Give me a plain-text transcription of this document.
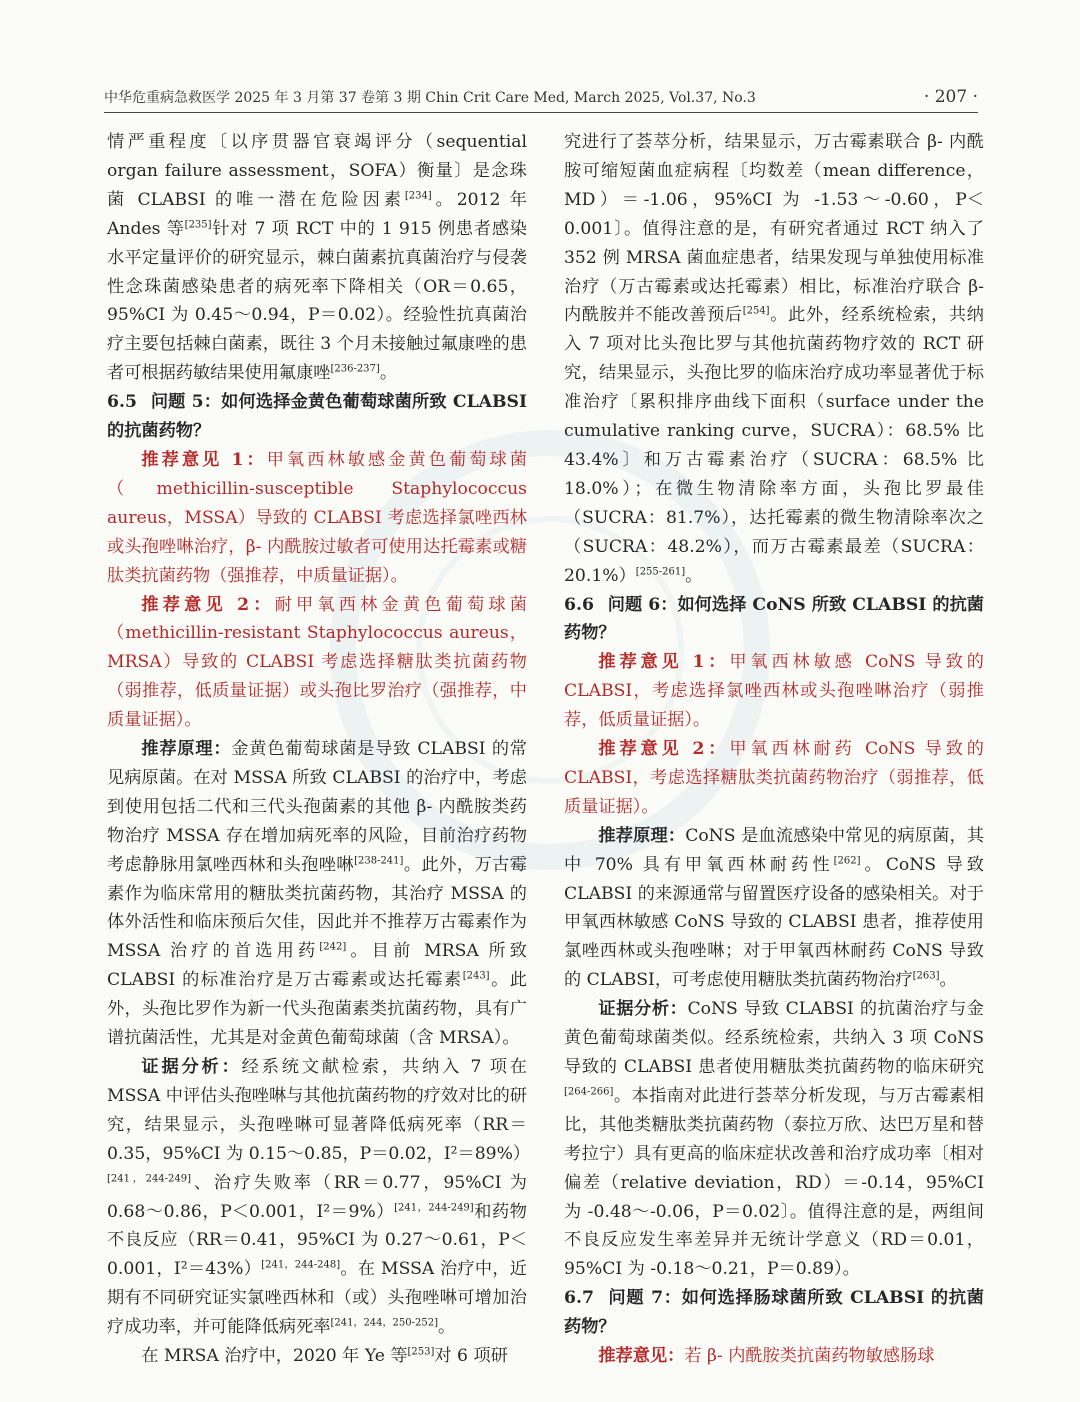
中华危重病急救医学 2025 年 3 月第 37 卷第 3 期 Chin Crit Care Med, March 2025, Vol.37, No.3	· 207 ·

情严重程度〔以序贯器官衰竭评分（sequential organ failure assessment，SOFA）衡量〕是念珠菌 CLABSI 的唯一潜在危险因素[234]。2012 年 Andes 等[235]针对 7 项 RCT 中的 1 915 例患者感染水平定量评价的研究显示，棘白菌素抗真菌治疗与侵袭性念珠菌感染患者的病死率下降相关（OR＝0.65，95%CI 为 0.45～0.94，P＝0.02）。经验性抗真菌治疗主要包括棘白菌素，既往 3 个月未接触过氟康唑的患者可根据药敏结果使用氟康唑[236-237]。

6.5 问题 5：如何选择金黄色葡萄球菌所致 CLABSI 的抗菌药物？

推荐意见 1：甲氧西林敏感金黄色葡萄球菌（methicillin-susceptible Staphylococcus aureus，MSSA）导致的 CLABSI 考虑选择氯唑西林或头孢唑啉治疗，β- 内酰胺过敏者可使用达托霉素或糖肽类抗菌药物（强推荐，中质量证据）。

推荐意见 2：耐甲氧西林金黄色葡萄球菌（methicillin-resistant Staphylococcus aureus，MRSA）导致的 CLABSI 考虑选择糖肽类抗菌药物（弱推荐，低质量证据）或头孢比罗治疗（强推荐，中质量证据）。

推荐原理：金黄色葡萄球菌是导致 CLABSI 的常见病原菌。在对 MSSA 所致 CLABSI 的治疗中，考虑到使用包括二代和三代头孢菌素的其他 β- 内酰胺类药物治疗 MSSA 存在增加病死率的风险，目前治疗药物考虑静脉用氯唑西林和头孢唑啉[238-241]。此外，万古霉素作为临床常用的糖肽类抗菌药物，其治疗 MSSA 的体外活性和临床预后欠佳，因此并不推荐万古霉素作为 MSSA 治疗的首选用药[242]。目前 MRSA 所致 CLABSI 的标准治疗是万古霉素或达托霉素[243]。此外，头孢比罗作为新一代头孢菌素类抗菌药物，具有广谱抗菌活性，尤其是对金黄色葡萄球菌（含 MRSA）。

证据分析：经系统文献检索，共纳入 7 项在 MSSA 中评估头孢唑啉与其他抗菌药物的疗效对比的研究，结果显示，头孢唑啉可显著降低病死率（RR＝0.35，95%CI 为 0.15～0.85，P＝0.02，I²＝89%）[241，244-249]、治疗失败率（RR＝0.77，95%CI 为 0.68～0.86，P＜0.001，I²＝9%）[241，244-249]和药物不良反应（RR＝0.41，95%CI 为 0.27～0.61，P＜0.001，I²＝43%）[241，244-248]。在 MSSA 治疗中，近期有不同研究证实氯唑西林和（或）头孢唑啉可增加治疗成功率，并可能降低病死率[241，244，250-252]。

在 MRSA 治疗中，2020 年 Ye 等[253]对 6 项研

究进行了荟萃分析，结果显示，万古霉素联合 β- 内酰胺可缩短菌血症病程〔均数差（mean difference，MD）＝-1.06，95%CI 为 -1.53～-0.60，P＜0.001〕。值得注意的是，有研究者通过 RCT 纳入了 352 例 MRSA 菌血症患者，结果发现与单独使用标准治疗（万古霉素或达托霉素）相比，标准治疗联合 β- 内酰胺并不能改善预后[254]。此外，经系统检索，共纳入 7 项对比头孢比罗与其他抗菌药物疗效的 RCT 研究，结果显示，头孢比罗的临床治疗成功率显著优于标准治疗〔累积排序曲线下面积（surface under the cumulative ranking curve，SUCRA）：68.5% 比 43.4%〕和万古霉素治疗（SUCRA：68.5% 比 18.0%）；在微生物清除率方面，头孢比罗最佳（SUCRA：81.7%），达托霉素的微生物清除率次之（SUCRA：48.2%），而万古霉素最差（SUCRA：20.1%）[255-261]。

6.6 问题 6：如何选择 CoNS 所致 CLABSI 的抗菌药物？

推荐意见 1：甲氧西林敏感 CoNS 导致的 CLABSI，考虑选择氯唑西林或头孢唑啉治疗（弱推荐，低质量证据）。

推荐意见 2：甲氧西林耐药 CoNS 导致的 CLABSI，考虑选择糖肽类抗菌药物治疗（弱推荐，低质量证据）。

推荐原理：CoNS 是血流感染中常见的病原菌，其中 70% 具有甲氧西林耐药性[262]。CoNS 导致 CLABSI 的来源通常与留置医疗设备的感染相关。对于甲氧西林敏感 CoNS 导致的 CLABSI 患者，推荐使用氯唑西林或头孢唑啉；对于甲氧西林耐药 CoNS 导致的 CLABSI，可考虑使用糖肽类抗菌药物治疗[263]。

证据分析：CoNS 导致 CLABSI 的抗菌治疗与金黄色葡萄球菌类似。经系统检索，共纳入 3 项 CoNS 导致的 CLABSI 患者使用糖肽类抗菌药物的临床研究[264-266]。本指南对此进行荟萃分析发现，与万古霉素相比，其他类糖肽类抗菌药物（泰拉万欣、达巴万星和替考拉宁）具有更高的临床症状改善和治疗成功率〔相对偏差（relative deviation，RD）＝-0.14，95%CI 为 -0.48～-0.06，P＝0.02〕。值得注意的是，两组间不良反应发生率差异并无统计学意义（RD＝0.01，95%CI 为 -0.18～0.21，P＝0.89）。

6.7 问题 7：如何选择肠球菌所致 CLABSI 的抗菌药物？

推荐意见：若 β- 内酰胺类抗菌药物敏感肠球
